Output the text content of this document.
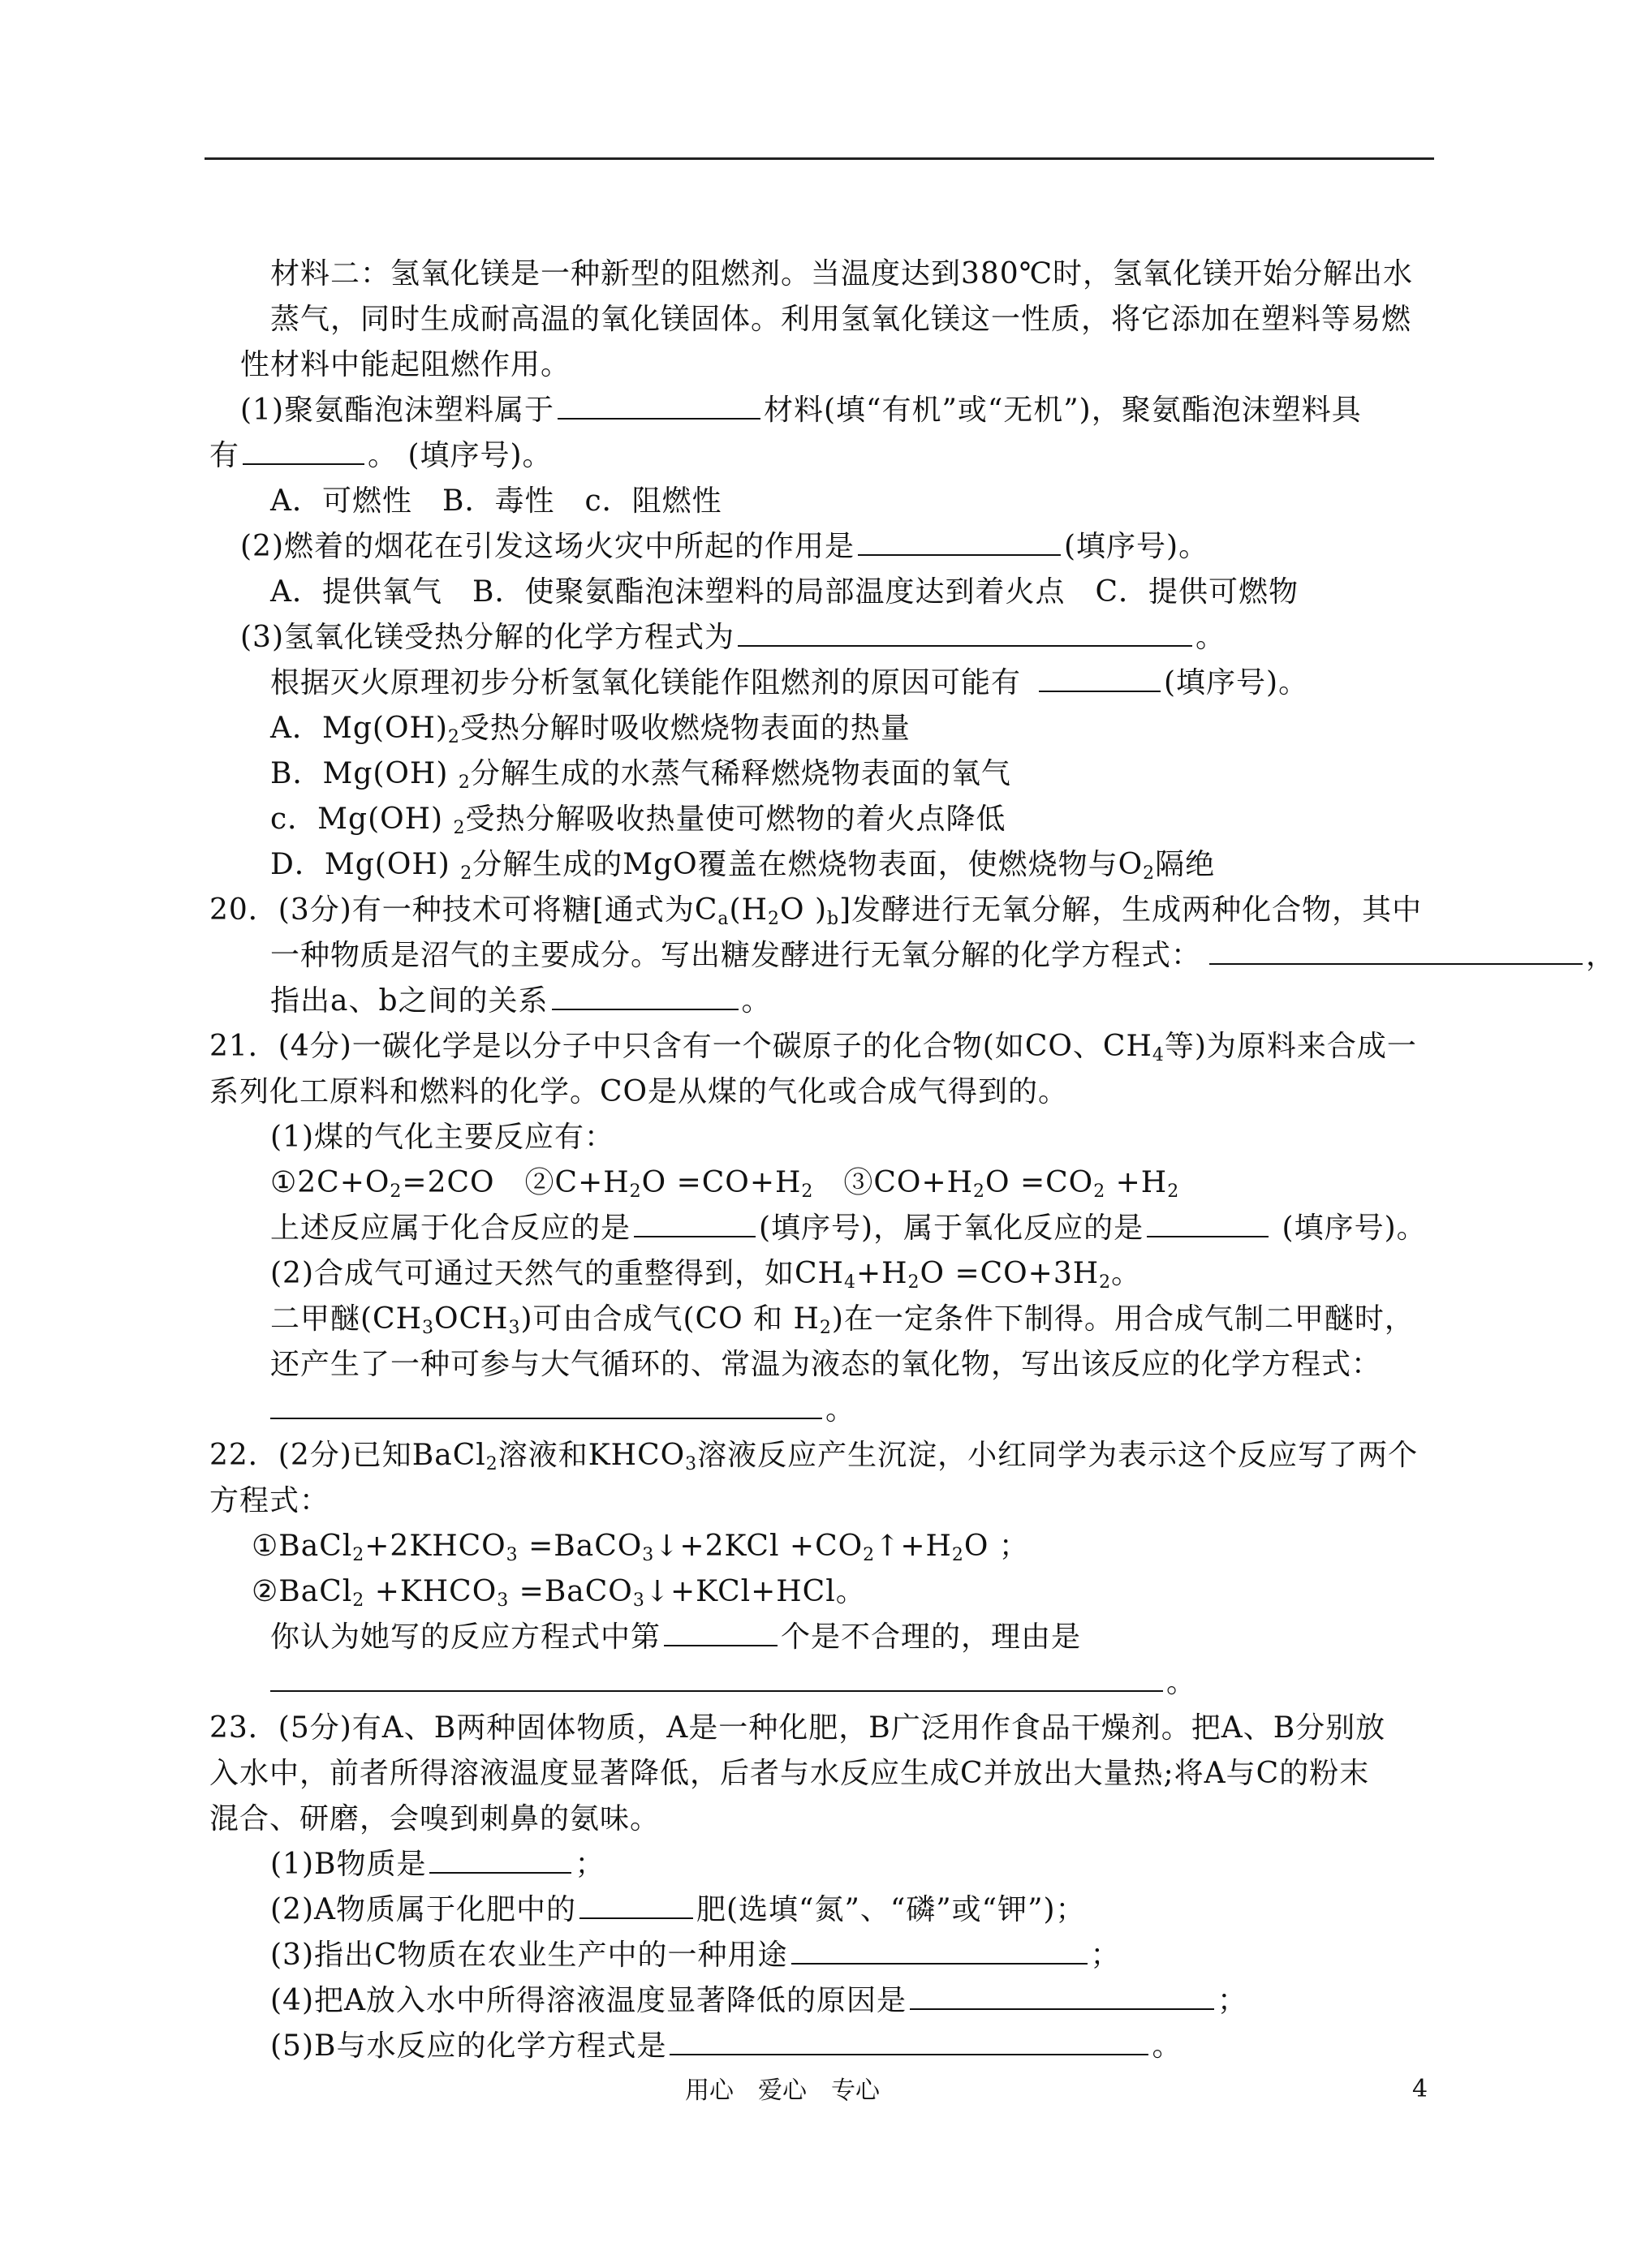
材料二：氢氧化镁是一种新型的阻燃剂。当温度达到380℃时，氢氧化镁开始分解出水
蒸气，同时生成耐高温的氧化镁固体。利用氢氧化镁这一性质，将它添加在塑料等易燃
性材料中能起阻燃作用。
(1)聚氨酯泡沫塑料属于	材料(填“有机”或“无机”)，聚氨酯泡沫塑料具
有	。 (填序号)。
A．可燃性　B．毒性　c．阻燃性
(2)燃着的烟花在引发这场火灾中所起的作用是	(填序号)。
A．提供氧气　B．使聚氨酯泡沫塑料的局部温度达到着火点　C．提供可燃物
(3)氢氧化镁受热分解的化学方程式为	。
根据灭火原理初步分析氢氧化镁能作阻燃剂的原因可能有	(填序号)。
A．$Mg(OH)_2$受热分解时吸收燃烧物表面的热量
B．Mg(OH) $_2$分解生成的水蒸气稀释燃烧物表面的氧气
c．Mg(OH) $_2$受热分解吸收热量使可燃物的着火点降低
D．Mg(OH) $_2$分解生成的MgO覆盖在燃烧物表面，使燃烧物与$O_2$隔绝
20．(3分)有一种技术可将糖[通式为$C_a(H_2O$ )$_b$]发酵进行无氧分解，生成两种化合物，其中
一种物质是沼气的主要成分。写出糖发酵进行无氧分解的化学方程式：	，
指出a、b之间的关系	。
21．(4分)一碳化学是以分子中只含有一个碳原子的化合物(如CO、$CH_4$等)为原料来合成一
系列化工原料和燃料的化学。CO是从煤的气化或合成气得到的。
(1)煤的气化主要反应有：
$①2C+O_2=2CO$　$②C+H_2O =CO+H_2$　$③CO+H_2O =CO_2 +H_2$
上述反应属于化合反应的是	(填序号)，属于氧化反应的是	(填序号)。
(2)合成气可通过天然气的重整得到，如$CH_4+H_2O =CO+3H_2$。
二甲醚$(CH_3OCH_3)$可由合成气(CO 和 $H_2$)在一定条件下制得。用合成气制二甲醚时，
还产生了一种可参与大气循环的、常温为液态的氧化物，写出该反应的化学方程式：
。
22．(2分)已知BaCl$_2$溶液和$KHCO_3$溶液反应产生沉淀，小红同学为表示这个反应写了两个
方程式：
$①BaCl_2+2KHCO_3$ =BaCO$_3$↓+2KCl $+CO_2↑+H_2O$ ；
②BaCl$_2$ $+KHCO_3$ =BaCO$_3$↓+KCl+HCl。
你认为她写的反应方程式中第	个是不合理的，理由是
。
23．(5分)有A、B两种固体物质，A是一种化肥，B广泛用作食品干燥剂。把A、B分别放
入水中，前者所得溶液温度显著降低，后者与水反应生成C并放出大量热;将A与C的粉末
混合、研磨，会嗅到刺鼻的氨味。
(1)B物质是	；
(2)A物质属于化肥中的	肥(选填“氮”、“磷”或“钾”)；
(3)指出C物质在农业生产中的一种用途	；
(4)把A放入水中所得溶液温度显著降低的原因是	；
(5)B与水反应的化学方程式是	。
用心　爱心　专心	4
